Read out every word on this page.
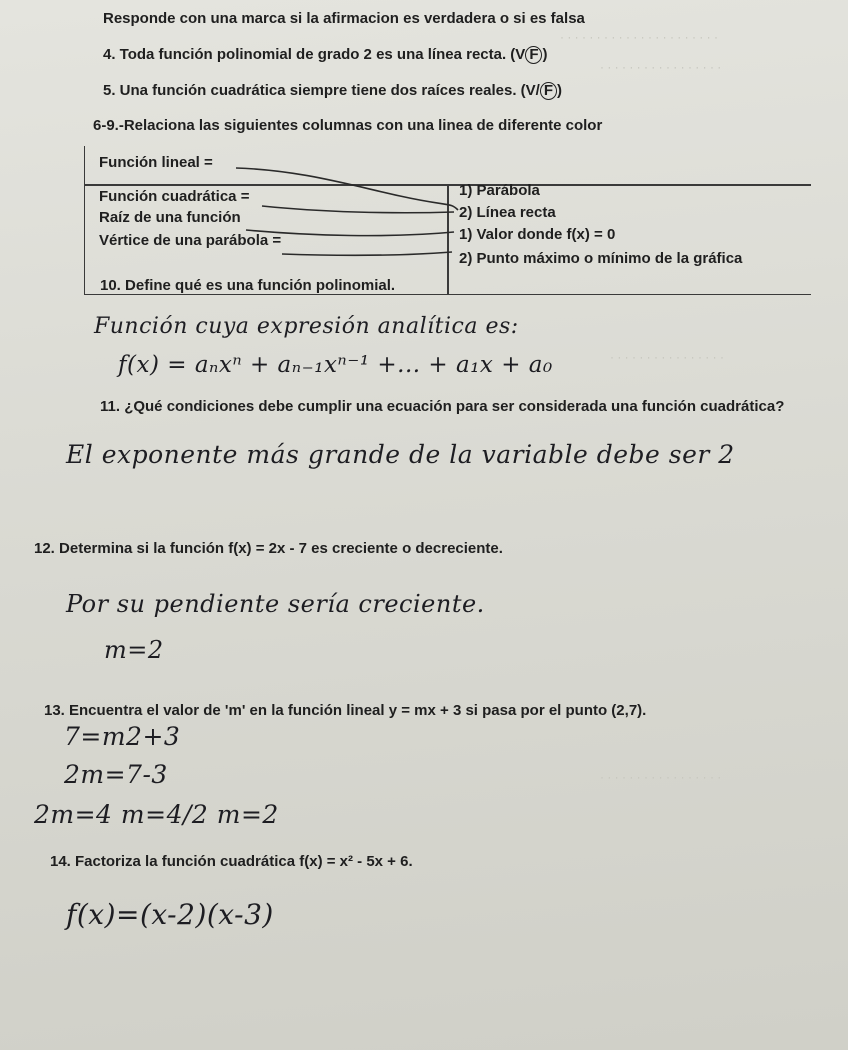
· · · · · · · · · · · · · · · · · · · · · ·
· · · · · · · · · · · · · · · · ·
· · · · · · · · · · · · · · · ·
· · · · · · · · · · · · · · · · ·
Responde con una marca si la afirmacion es verdadera o si es falsa
4. Toda función polinomial de grado 2 es una línea recta. (V F )
5. Una función cuadrática siempre tiene dos raíces reales. (V/ F )
6-9.-Relaciona las siguientes columnas con una linea de diferente color
Función lineal =
Función cuadrática =
Raíz de una función
Vértice de una parábola =
1) Parábola
2) Línea recta
1) Valor donde f(x) = 0
2) Punto máximo o mínimo de la gráfica
10. Define qué es una función polinomial.
Función cuya expresión analítica es:
f(x) = aₙxⁿ + aₙ₋₁xⁿ⁻¹ +... + a₁x + a₀
11. ¿Qué condiciones debe cumplir una ecuación para ser considerada una función cuadrática?
El exponente más grande de la variable debe ser 2
12. Determina si la función f(x) = 2x - 7 es creciente o decreciente.
Por su pendiente sería creciente.
m=2
13. Encuentra el valor de 'm' en la función lineal y = mx + 3 si pasa por el punto (2,7).
7=m2+3
2m=7-3
2m=4 m=4/2 m=2
14. Factoriza la función cuadrática f(x) = x² - 5x + 6.
f(x)=(x-2)(x-3)
